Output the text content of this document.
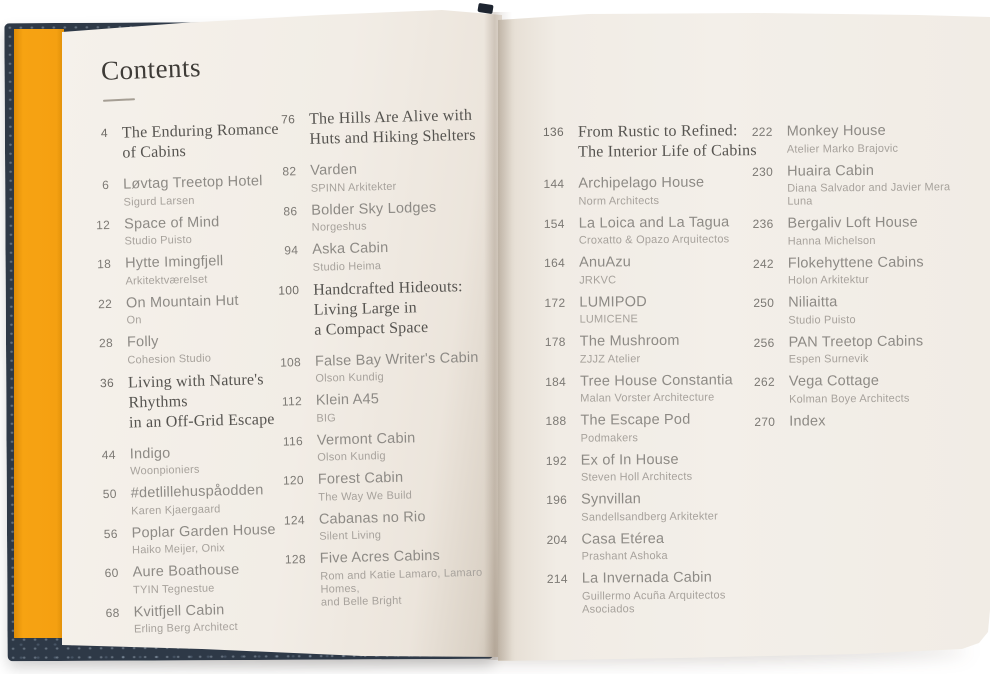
Contents
4 The Enduring Romance
of Cabins
6 Løvtag Treetop Hotel
Sigurd Larsen
12 Space of Mind
Studio Puisto
18 Hytte Imingfjell
Arkitektværelset
22 On Mountain Hut
On
28 Folly
Cohesion Studio
36 Living with Nature's Rhythms
in an Off-Grid Escape
44 Indigo
Woonpioniers
50 #detlillehuspåodden
Karen Kjaergaard
56 Poplar Garden House
Haiko Meijer, Onix
60 Aure Boathouse
TYIN Tegnestue
68 Kvitfjell Cabin
Erling Berg Architect
76 The Hills Are Alive with
Huts and Hiking Shelters
82 Varden
SPINN Arkitekter
86 Bolder Sky Lodges
Norgeshus
94 Aska Cabin
Studio Heima
100 Handcrafted Hideouts:
Living Large in
a Compact Space
108 False Bay Writer's Cabin
Olson Kundig
112 Klein A45
BIG
116 Vermont Cabin
Olson Kundig
120 Forest Cabin
The Way We Build
124 Cabanas no Rio
Silent Living
128 Five Acres Cabins
Rom and Katie Lamaro, Lamaro Homes,
and Belle Bright
136 From Rustic to Refined:
The Interior Life of Cabins
144 Archipelago House
Norm Architects
154 La Loica and La Tagua
Croxatto & Opazo Arquitectos
164 AnuAzu
JRKVC
172 LUMIPOD
LUMICENE
178 The Mushroom
ZJJZ Atelier
184 Tree House Constantia
Malan Vorster Architecture
188 The Escape Pod
Podmakers
192 Ex of In House
Steven Holl Architects
196 Synvillan
Sandellsandberg Arkitekter
204 Casa Etérea
Prashant Ashoka
214 La Invernada Cabin
Guillermo Acuña Arquitectos Asociados
222 Monkey House
Atelier Marko Brajovic
230 Huaira Cabin
Diana Salvador and Javier Mera Luna
236 Bergaliv Loft House
Hanna Michelson
242 Flokehyttene Cabins
Holon Arkitektur
250 Niliaitta
Studio Puisto
256 PAN Treetop Cabins
Espen Surnevik
262 Vega Cottage
Kolman Boye Architects
270 Index
